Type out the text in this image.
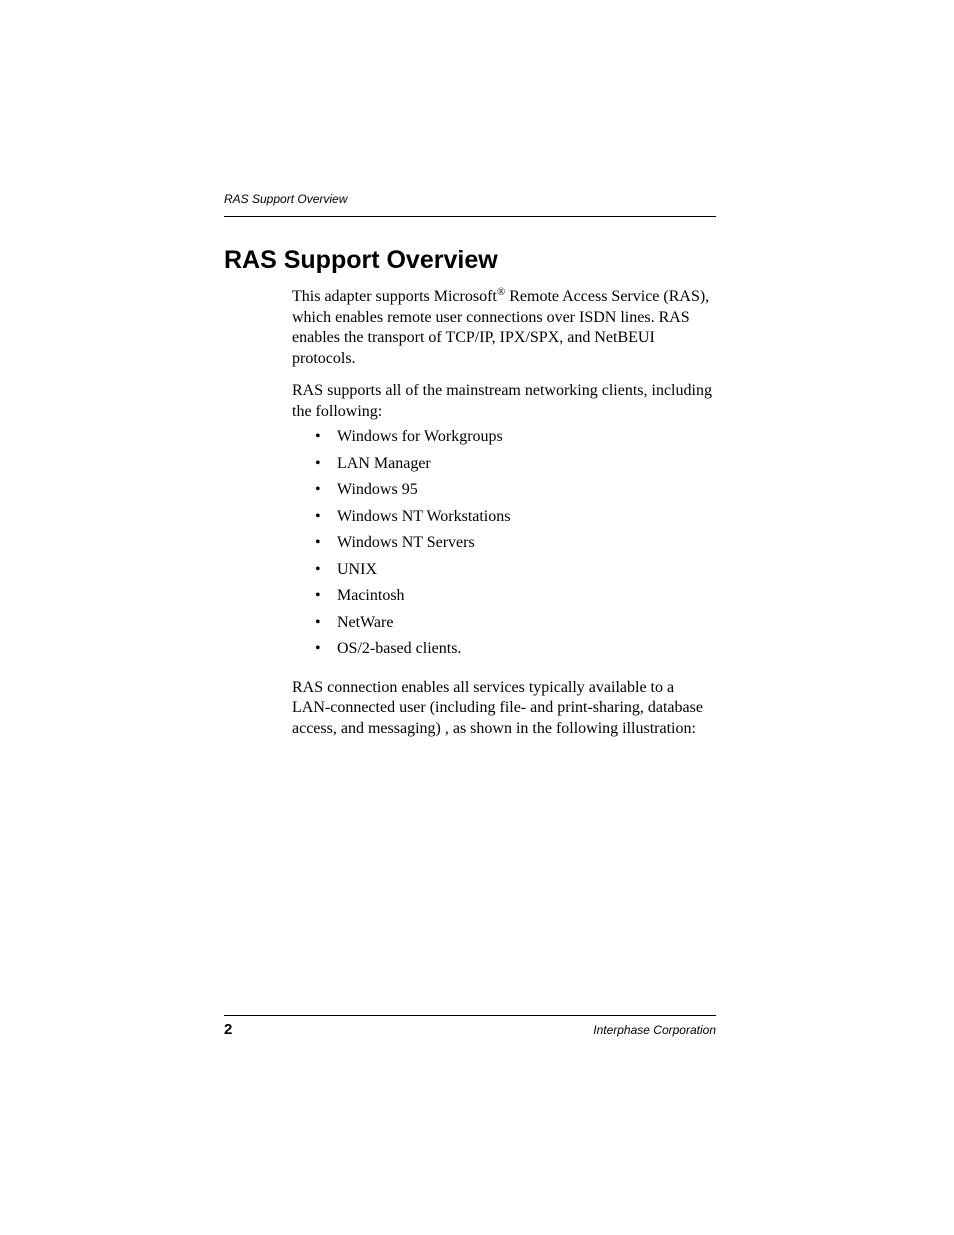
RAS Support Overview
RAS Support Overview

This adapter supports Microsoft® Remote Access Service (RAS), which enables remote user connections over ISDN lines. RAS enables the transport of TCP/IP, IPX/SPX, and NetBEUI protocols.

RAS supports all of the mainstream networking clients, including the following:

• Windows for Workgroups
• LAN Manager
• Windows 95
• Windows NT Workstations
• Windows NT Servers
• UNIX
• Macintosh
• NetWare
• OS/2-based clients.

RAS connection enables all services typically available to a LAN-connected user (including file- and print-sharing, database access, and messaging) , as shown in the following illustration:

2	Interphase Corporation
